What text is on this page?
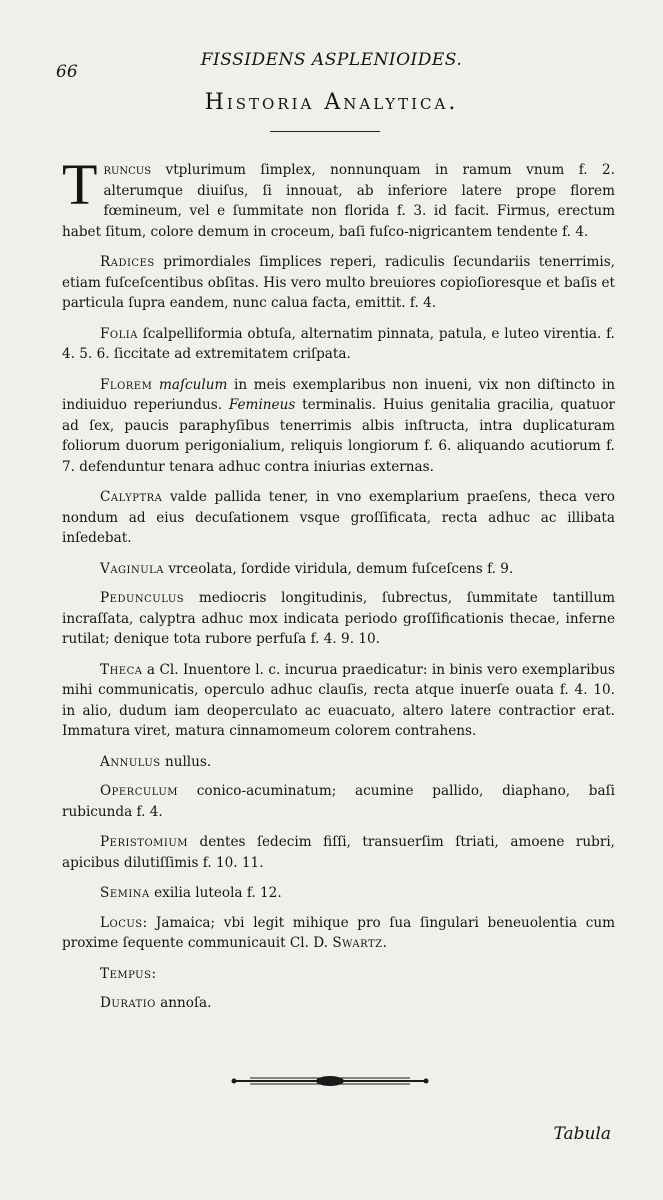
66
FISSIDENS ASPLENIOIDES.
Historia Analytica.

Truncus vtplurimum ſimplex, nonnunquam in ramum vnum f. 2. alterumque diuiſus, ſi innouat, ab inferiore latere prope florem fœmineum, vel e ſummitate non florida f. 3. id facit. Firmus, erectum habet ſitum, colore demum in croceum, baſi fuſco-nigricantem tendente f. 4.

Radices primordiales ſimplices reperi, radiculis ſecundariis tenerrimis, etiam fuſceſcentibus obſitas. His vero multo breuiores copioſioresque et baſis et particula ſupra eandem, nunc calua facta, emittit. f. 4.

Folia ſcalpelliformia obtuſa, alternatim pinnata, patula, e luteo virentia. f. 4. 5. 6. ſiccitate ad extremitatem criſpata.

Florem maſculum in meis exemplaribus non inueni, vix non diſtincto in indiuiduo reperiundus. Femineus terminalis. Huius genitalia gracilia, quatuor ad ſex, paucis paraphyſibus tenerrimis albis inſtructa, intra duplicaturam foliorum duorum perigonialium, reliquis longiorum f. 6. aliquando acutiorum f. 7. defenduntur tenara adhuc contra iniurias externas.

Calyptra valde pallida tener, in vno exemplarium praeſens, theca vero nondum ad eius decuſationem vsque groſſificata, recta adhuc ac illibata inſedebat.

Vaginula vrceolata, ſordide viridula, demum fuſceſcens f. 9.

Pedunculus mediocris longitudinis, ſubrectus, ſummitate tantillum incraſſata, calyptra adhuc mox indicata periodo groſſificationis thecae, inferne rutilat; denique tota rubore perfuſa f. 4. 9. 10.

Theca a Cl. Inuentore l. c. incurua praedicatur: in binis vero exemplaribus mihi communicatis, operculo adhuc clauſis, recta atque inuerſe ouata f. 4. 10. in alio, dudum iam deoperculato ac euacuato, altero latere contractior erat. Immatura viret, matura cinnamomeum colorem contrahens.

Annulus nullus.

Operculum conico-acuminatum; acumine pallido, diaphano, baſi rubicunda f. 4.

Peristomium dentes ſedecim fiſſi, transuerſim ſtriati, amoene rubri, apicibus dilutiſſimis f. 10. 11.

Semina exilia luteola f. 12.

Locus: Jamaica; vbi legit mihique pro ſua ſingulari beneuolentia cum proxime ſequente communicauit Cl. D. Swartz.

Tempus:

Duratio annoſa.

Tabula
